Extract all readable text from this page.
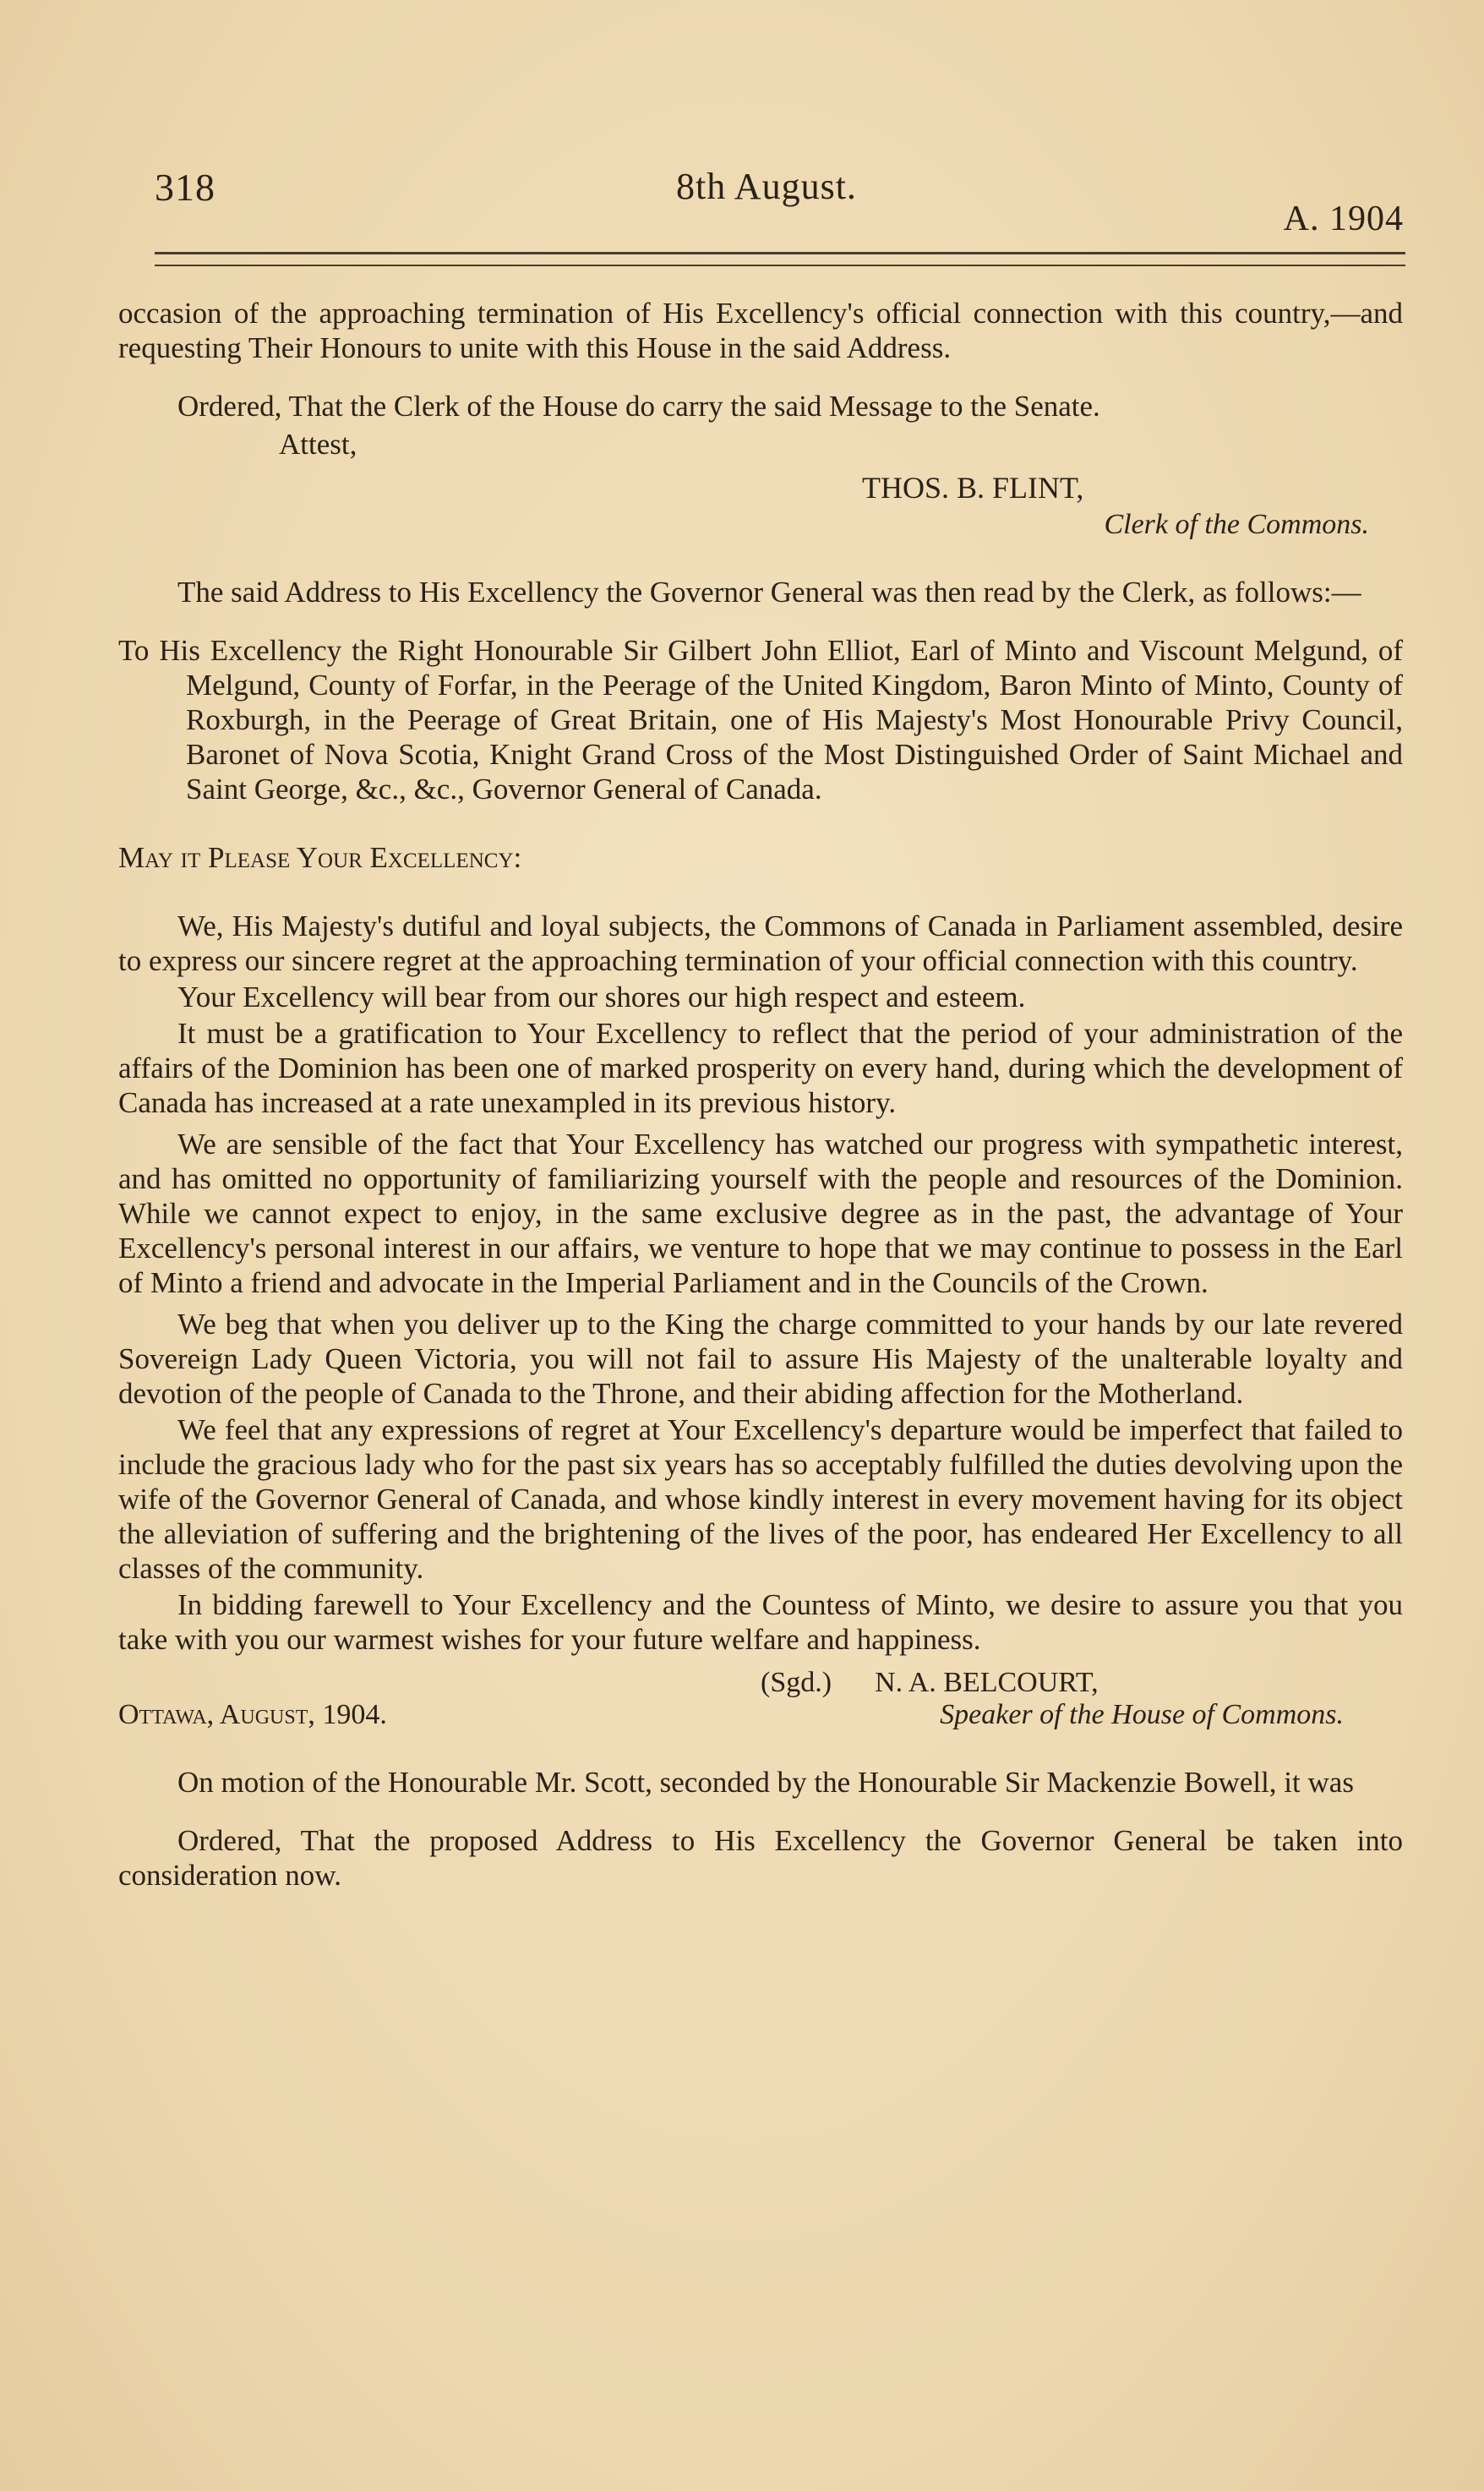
318	8th August.
A. 1904

occasion of the approaching termination of His Excellency's official connection with this country,—and requesting Their Honours to unite with this House in the said Address.

Ordered, That the Clerk of the House do carry the said Message to the Senate.

Attest,

THOS. B. FLINT,

Clerk of the Commons.

The said Address to His Excellency the Governor General was then read by the Clerk, as follows:—

To His Excellency the Right Honourable Sir Gilbert John Elliot, Earl of Minto and Viscount Melgund, of Melgund, County of Forfar, in the Peerage of the United Kingdom, Baron Minto of Minto, County of Roxburgh, in the Peerage of Great Britain, one of His Majesty's Most Honourable Privy Council, Baronet of Nova Scotia, Knight Grand Cross of the Most Distinguished Order of Saint Michael and Saint George, &c., &c., Governor General of Canada.

May it Please Your Excellency:

We, His Majesty's dutiful and loyal subjects, the Commons of Canada in Parliament assembled, desire to express our sincere regret at the approaching termination of your official connection with this country.

Your Excellency will bear from our shores our high respect and esteem.

It must be a gratification to Your Excellency to reflect that the period of your administration of the affairs of the Dominion has been one of marked prosperity on every hand, during which the development of Canada has increased at a rate unexampled in its previous history.

We are sensible of the fact that Your Excellency has watched our progress with sympathetic interest, and has omitted no opportunity of familiarizing yourself with the people and resources of the Dominion. While we cannot expect to enjoy, in the same exclusive degree as in the past, the advantage of Your Excellency's personal interest in our affairs, we venture to hope that we may continue to possess in the Earl of Minto a friend and advocate in the Imperial Parliament and in the Councils of the Crown.

We beg that when you deliver up to the King the charge committed to your hands by our late revered Sovereign Lady Queen Victoria, you will not fail to assure His Majesty of the unalterable loyalty and devotion of the people of Canada to the Throne, and their abiding affection for the Motherland.

We feel that any expressions of regret at Your Excellency's departure would be imperfect that failed to include the gracious lady who for the past six years has so acceptably fulfilled the duties devolving upon the wife of the Governor General of Canada, and whose kindly interest in every movement having for its object the alleviation of suffering and the brightening of the lives of the poor, has endeared Her Excellency to all classes of the community.

In bidding farewell to Your Excellency and the Countess of Minto, we desire to assure you that you take with you our warmest wishes for your future welfare and happiness.

(Sgd.) N. A. BELCOURT,

Ottawa, August, 1904.	Speaker of the House of Commons.

On motion of the Honourable Mr. Scott, seconded by the Honourable Sir Mackenzie Bowell, it was

Ordered, That the proposed Address to His Excellency the Governor General be taken into consideration now.
